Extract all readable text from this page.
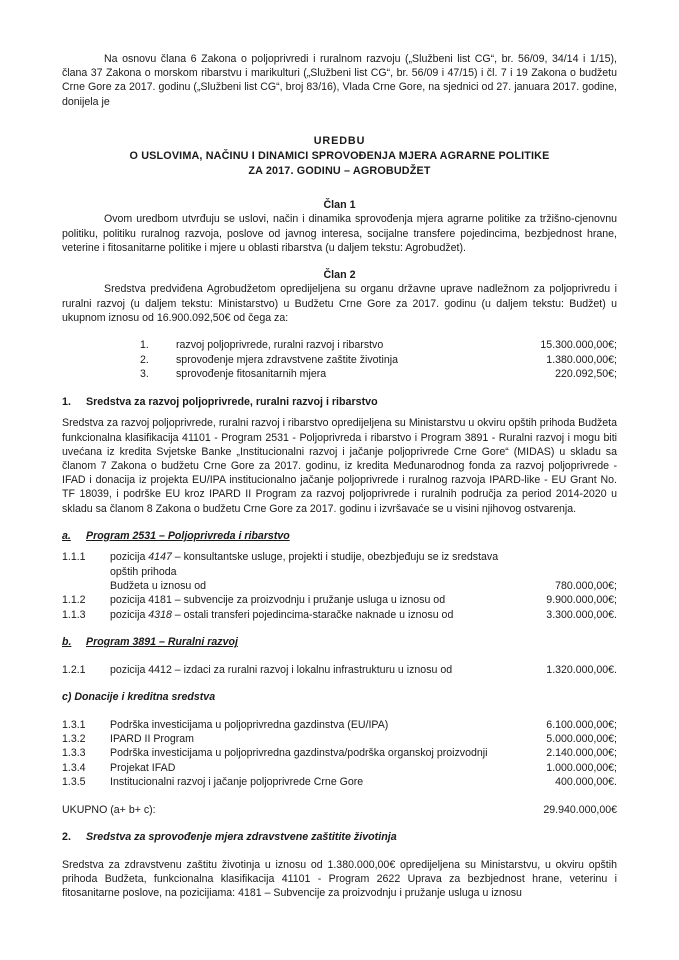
Na osnovu člana 6 Zakona o poljoprivredi i ruralnom razvoju („Službeni list CG“, br. 56/09, 34/14 i 1/15), člana 37 Zakona o morskom ribarstvu i marikulturi („Službeni list CG“, br. 56/09 i 47/15) i čl. 7 i 19 Zakona o budžetu Crne Gore za 2017. godinu („Službeni list CG“, broj 83/16), Vlada Crne Gore, na sjednici od 27. januara 2017. godine, donijela je

UREDBU
O USLOVIMA, NAČINU I DINAMICI SPROVOĐENJA MJERA AGRARNE POLITIKE
ZA 2017. GODINU – AGROBUDŽET
Član 1

Ovom uredbom utvrđuju se uslovi, način i dinamika sprovođenja mjera agrarne politike za tržišno-cjenovnu politiku, politiku ruralnog razvoja, poslove od javnog interesa, socijalne transfere pojedincima, bezbjednost hrane, veterine i fitosanitarne politike i mjere u oblasti ribarstva (u daljem tekstu: Agrobudžet).

Član 2

Sredstva predviđena Agrobudžetom opredijeljena su organu državne uprave nadležnom za poljoprivredu i ruralni razvoj (u daljem tekstu: Ministarstvo) u Budžetu Crne Gore za 2017. godinu (u daljem tekstu: Budžet) u ukupnom iznosu od 16.900.092,50€ od čega za:

1.	razvoj poljoprivrede, ruralni razvoj i ribarstvo	15.300.000,00€;
2.	sprovođenje mjera zdravstvene zaštite životinja	1.380.000,00€;
3.	sprovođenje fitosanitarnih mjera	220.092,50€;
1.	Sredstva za razvoj poljoprivrede, ruralni razvoj i ribarstvo

Sredstva za razvoj poljoprivrede, ruralni razvoj i ribarstvo opredijeljena su Ministarstvu u okviru opštih prihoda Budžeta funkcionalna klasifikacija 41101 - Program 2531 - Poljoprivreda i ribarstvo i Program 3891 - Ruralni razvoj i mogu biti uvećana iz kredita Svjetske Banke „Institucionalni razvoj i jačanje poljoprivrede Crne Gore“ (MIDAS) u skladu sa članom 7 Zakona o budžetu Crne Gore za 2017. godinu, iz kredita Međunarodnog fonda za razvoj poljoprivrede - IFAD i donacija iz projekta EU/IPA institucionalno jačanje poljoprivrede i ruralnog razvoja IPARD-like - EU Grant No. TF 18039, i podrške EU kroz IPARD II Program za razvoj poljoprivrede i ruralnih područja za period 2014-2020 u skladu sa članom 8 Zakona o budžetu Crne Gore za 2017. godinu i izvršavaće se u visini njihovog ostvarenja.

a.	Program 2531 – Poljoprivreda i ribarstvo
1.1.1	pozicija 4147 – konsultantske usluge, projekti i studije, obezbjeđuju se iz sredstava opštih prihoda	
	Budžeta u iznosu od	780.000,00€;
1.1.2	pozicija 4181 – subvencije za proizvodnju i pružanje usluga u iznosu od	9.900.000,00€;
1.1.3	pozicija 4318 – ostali transferi pojedincima-staračke naknade u iznosu od	3.300.000,00€.
b.	Program 3891 – Ruralni razvoj
1.2.1	pozicija 4412 – izdaci za ruralni razvoj i lokalnu infrastrukturu u iznosu od	1.320.000,00€.
c) Donacije i kreditna sredstva
1.3.1	Podrška investicijama u poljoprivredna gazdinstva (EU/IPA)	6.100.000,00€;
1.3.2	IPARD II Program	5.000.000,00€;
1.3.3	Podrška investicijama u poljoprivredna gazdinstva/podrška organskoj proizvodnji	2.140.000,00€;
1.3.4	Projekat IFAD	1.000.000,00€;
1.3.5	Institucionalni razvoj i jačanje poljoprivrede Crne Gore	400.000,00€.
UKUPNO (a+ b+ c):	29.940.000,00€
2.	Sredstva za sprovođenje mjera zdravstvene zaštitite životinja

Sredstva za zdravstvenu zaštitu životinja u iznosu od 1.380.000,00€ opredijeljena su Ministarstvu, u okviru opštih prihoda Budžeta, funkcionalna klasifikacija 41101 - Program 2622 Uprava za bezbjednost hrane, veterinu i fitosanitarne poslove, na pozicijiama: 4181 – Subvencije za proizvodnju i pružanje usluga u iznosu
